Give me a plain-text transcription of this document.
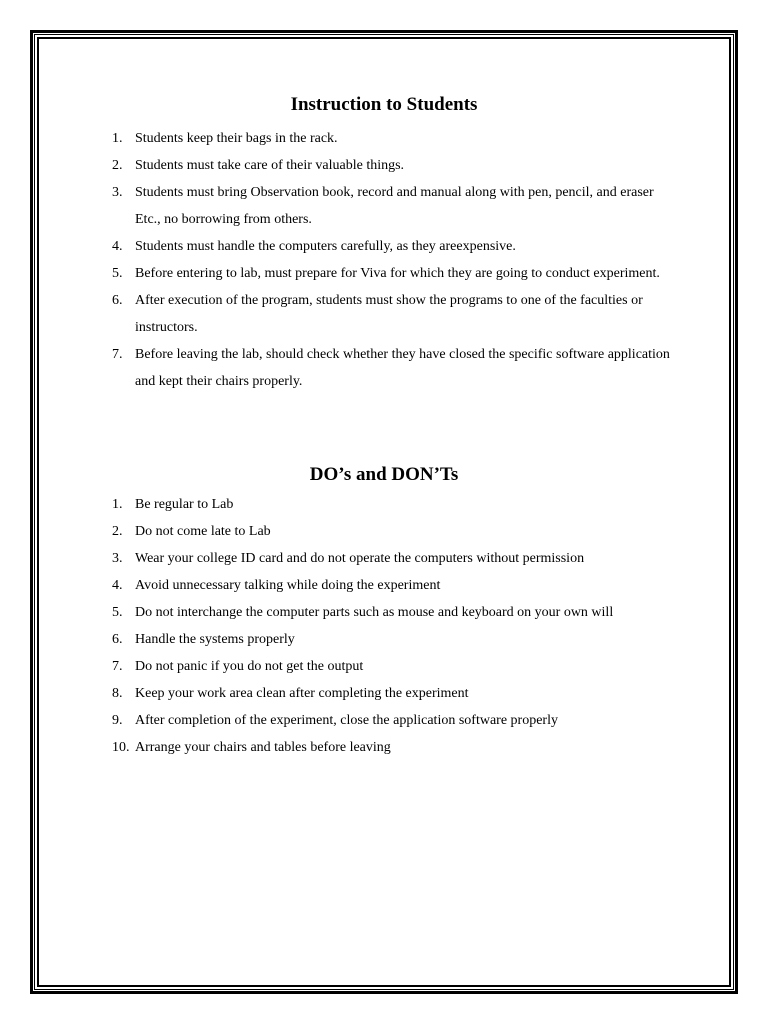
Instruction to Students
1. Students keep their bags in the rack.
2. Students must take care of their valuable things.
3. Students must bring Observation book, record and manual along with pen, pencil, and eraser Etc., no borrowing from others.
4. Students must handle the computers carefully, as they areexpensive.
5. Before entering to lab, must prepare for Viva for which they are going to conduct experiment.
6. After execution of the program, students must show the programs to one of the faculties or instructors.
7. Before leaving the lab, should check whether they have closed the specific software application and kept their chairs properly.
DO’s and DON’Ts
1. Be regular to Lab
2. Do not come late to Lab
3. Wear your college ID card and do not operate the computers without permission
4. Avoid unnecessary talking while doing the experiment
5. Do not interchange the computer parts such as mouse and keyboard on your own will
6. Handle the systems properly
7. Do not panic if you do not get the output
8. Keep your work area clean after completing the experiment
9. After completion of the experiment, close the application software properly
10. Arrange your chairs and tables before leaving
